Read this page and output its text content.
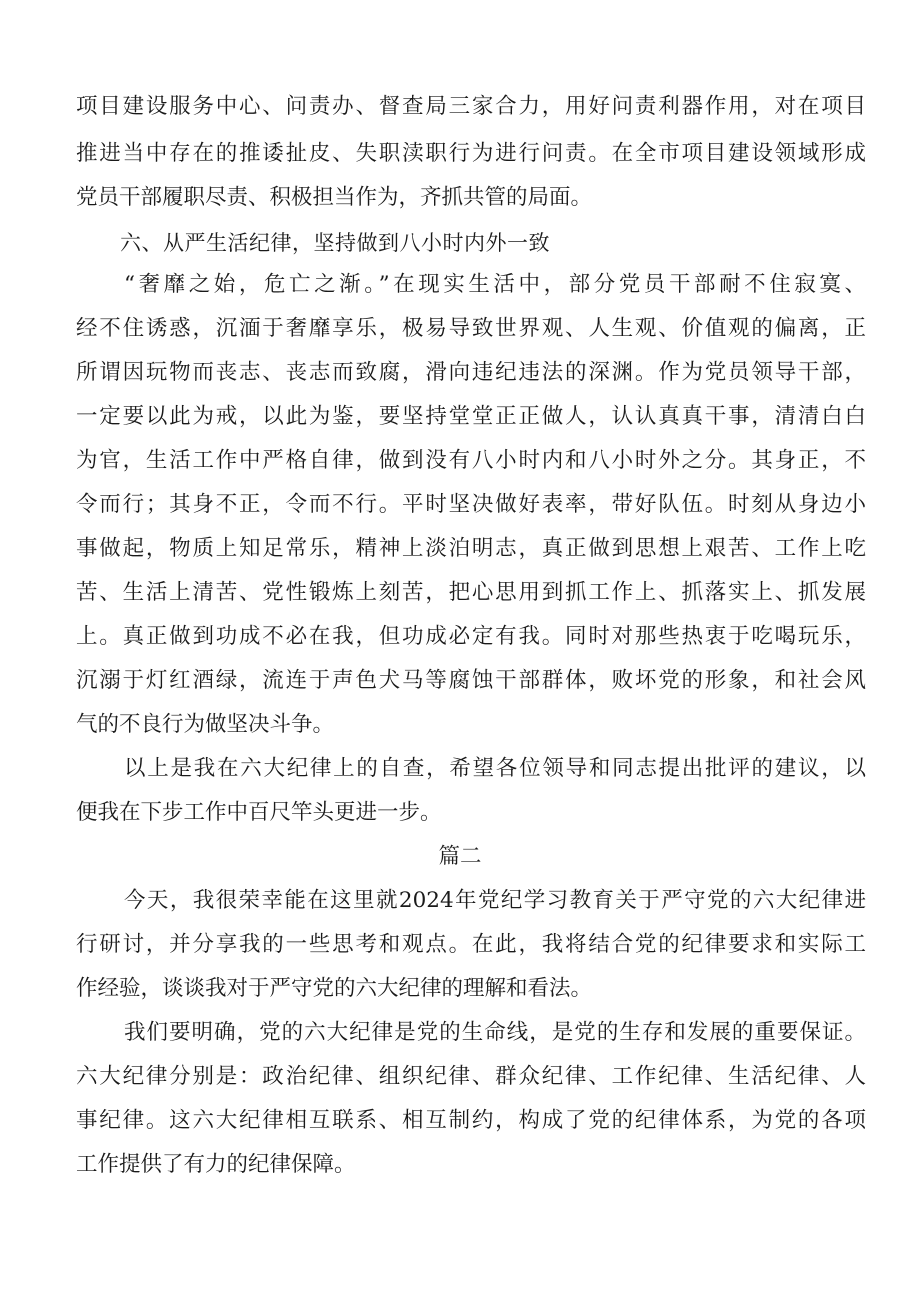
项目建设服务中心、问责办、督查局三家合力，用好问责利器作用，对在项目
推进当中存在的推诿扯皮、失职渎职行为进行问责。在全市项目建设领域形成
党员干部履职尽责、积极担当作为，齐抓共管的局面。
六、从严生活纪律，坚持做到八小时内外一致
“奢靡之始，危亡之渐。”在现实生活中，部分党员干部耐不住寂寞、
经不住诱惑，沉湎于奢靡享乐，极易导致世界观、人生观、价值观的偏离，正
所谓因玩物而丧志、丧志而致腐，滑向违纪违法的深渊。作为党员领导干部，
一定要以此为戒，以此为鉴，要坚持堂堂正正做人，认认真真干事，清清白白
为官，生活工作中严格自律，做到没有八小时内和八小时外之分。其身正，不
令而行；其身不正，令而不行。平时坚决做好表率，带好队伍。时刻从身边小
事做起，物质上知足常乐，精神上淡泊明志，真正做到思想上艰苦、工作上吃
苦、生活上清苦、党性锻炼上刻苦，把心思用到抓工作上、抓落实上、抓发展
上。真正做到功成不必在我，但功成必定有我。同时对那些热衷于吃喝玩乐，
沉溺于灯红酒绿，流连于声色犬马等腐蚀干部群体，败坏党的形象，和社会风
气的不良行为做坚决斗争。
以上是我在六大纪律上的自查，希望各位领导和同志提出批评的建议，以
便我在下步工作中百尺竿头更进一步。
篇二
今天，我很荣幸能在这里就2024年党纪学习教育关于严守党的六大纪律进
行研讨，并分享我的一些思考和观点。在此，我将结合党的纪律要求和实际工
作经验，谈谈我对于严守党的六大纪律的理解和看法。
我们要明确，党的六大纪律是党的生命线，是党的生存和发展的重要保证。
六大纪律分别是：政治纪律、组织纪律、群众纪律、工作纪律、生活纪律、人
事纪律。这六大纪律相互联系、相互制约，构成了党的纪律体系，为党的各项
工作提供了有力的纪律保障。
